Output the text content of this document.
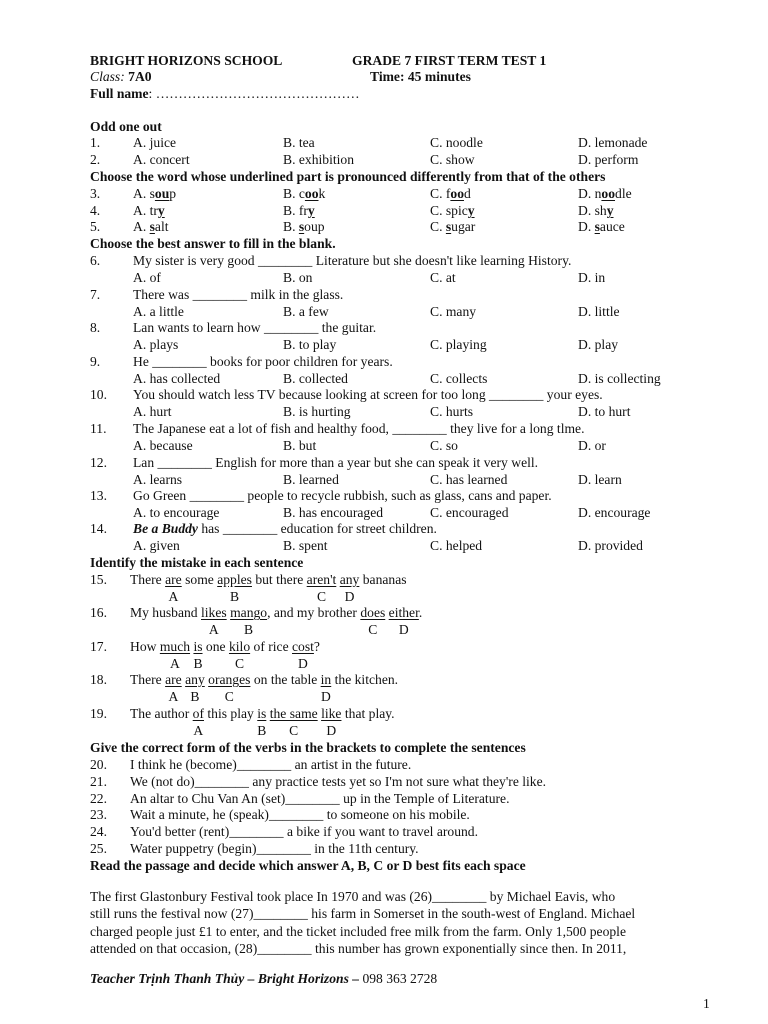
BRIGHT HORIZONS SCHOOL	GRADE 7 FIRST TERM TEST 1
Class: 7A0	Time: 45 minutes
Full name: ………………………………………
Odd one out
1. A. juice	B. tea	C. noodle	D. lemonade
2. A. concert	B. exhibition	C. show	D. perform
Choose the word whose underlined part is pronounced differently from that of the others
3. A. soup	B. cook	C. food	D. noodle
4. A. try	B. fry	C. spicy	D. shy
5. A. salt	B. soup	C. sugar	D. sauce
Choose the best answer to fill in the blank.
6. My sister is very good ________ Literature but she doesn't like learning History.
A. of	B. on	C. at	D. in
7. There was ________ milk in the glass.
A. a little	B. a few	C. many	D. little
8. Lan wants to learn how ________ the guitar.
A. plays	B. to play	C. playing	D. play
9. He ________ books for poor children for years.
A. has collected	B. collected	C. collects	D. is collecting
10. You should watch less TV because looking at screen for too long ________ your eyes.
A. hurt	B. is hurting	C. hurts	D. to hurt
11. The Japanese eat a lot of fish and healthy food, ________ they live for a long tlme.
A. because	B. but	C. so	D. or
12. Lan ________ English for more than a year but she can speak it very well.
A. learns	B. learned	C. has learned	D. learn
13. Go Green ________ people to recycle rubbish, such as glass, cans and paper.
A. to encourage	B. has encouraged	C. encouraged	D. encourage
14. Be a Buddy has ________ education for street children.
A. given	B. spent	C. helped	D. provided
Identify the mistake in each sentence
15. There are some apples but there aren't any bananas
A	B	C D
16. My husband likes mango, and my brother does either.
A B	C D
17. How much is one kilo of rice cost?
A B C	D
18. There are any oranges on the table in the kitchen.
A B C	D
19. The author of this play is the same like that play.
A	B C D
Give the correct form of the verbs in the brackets to complete the sentences
20. I think he (become)________ an artist in the future.
21. We (not do)________ any practice tests yet so I'm not sure what they're like.
22. An altar to Chu Van An (set)________ up in the Temple of Literature.
23. Wait a minute, he (speak)________ to someone on his mobile.
24. You'd better (rent)________ a bike if you want to travel around.
25. Water puppetry (begin)________ in the 11th century.
Read the passage and decide which answer A, B, C or D best fits each space
The first Glastonbury Festival took place In 1970 and was (26)________ by Michael Eavis, who
still runs the festival now (27)________ his farm in Somerset in the south-west of England. Michael
charged people just £1 to enter, and the ticket included free milk from the farm. Only 1,500 people
attended on that occasion, (28)________ this number has grown exponentially since then. In 2011,
Teacher Trịnh Thanh Thủy – Bright Horizons – 098 363 2728
1
